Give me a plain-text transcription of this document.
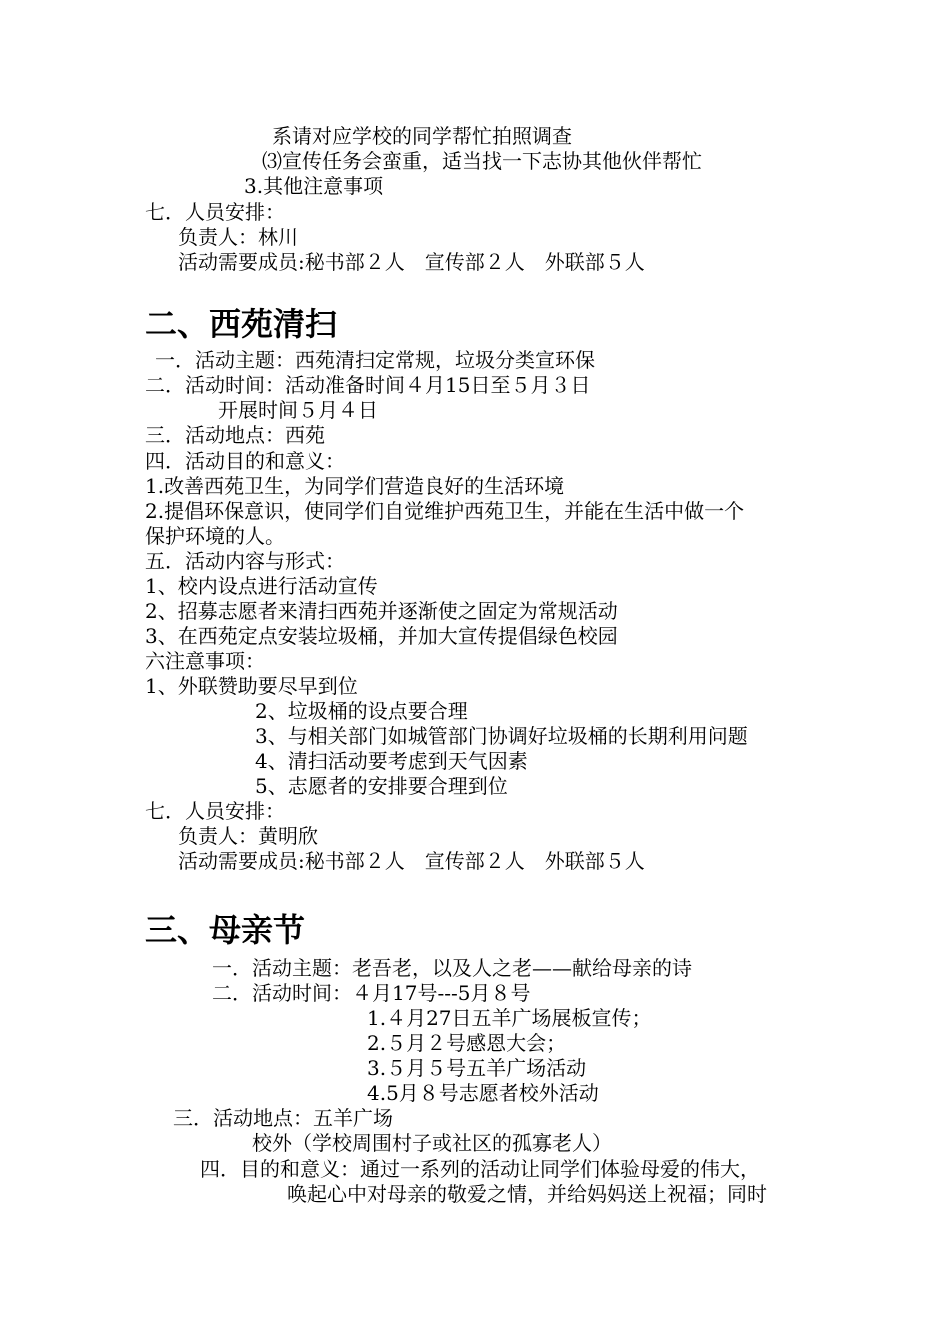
系请对应学校的同学帮忙拍照调查
⑶宣传任务会蛮重，适当找一下志协其他伙伴帮忙
3.其他注意事项
七．人员安排：
负责人：林川
活动需要成员:秘书部２人　宣传部２人　外联部５人
二、西苑清扫
一．活动主题：西苑清扫定常规，垃圾分类宣环保
二．活动时间：活动准备时间４月15日至５月３日
开展时间５月４日
三．活动地点：西苑
四．活动目的和意义：
1.改善西苑卫生，为同学们营造良好的生活环境
2.提倡环保意识，使同学们自觉维护西苑卫生，并能在生活中做一个
保护环境的人。
五．活动内容与形式：
1、校内设点进行活动宣传
2、招募志愿者来清扫西苑并逐渐使之固定为常规活动
3、在西苑定点安装垃圾桶，并加大宣传提倡绿色校园
六注意事项：
1、外联赞助要尽早到位
2、垃圾桶的设点要合理
3、与相关部门如城管部门协调好垃圾桶的长期利用问题
4、清扫活动要考虑到天气因素
5、志愿者的安排要合理到位
七．人员安排：
负责人：黄明欣
活动需要成员:秘书部２人　宣传部２人　外联部５人
三、母亲节
一．活动主题：老吾老，以及人之老——献给母亲的诗
二．活动时间：４月17号---5月８号
1.４月27日五羊广场展板宣传；
2.５月２号感恩大会；
3.５月５号五羊广场活动
4.5月８号志愿者校外活动
三．活动地点：五羊广场
校外（学校周围村子或社区的孤寡老人）
四．目的和意义：通过一系列的活动让同学们体验母爱的伟大，
唤起心中对母亲的敬爱之情，并给妈妈送上祝福；同时
